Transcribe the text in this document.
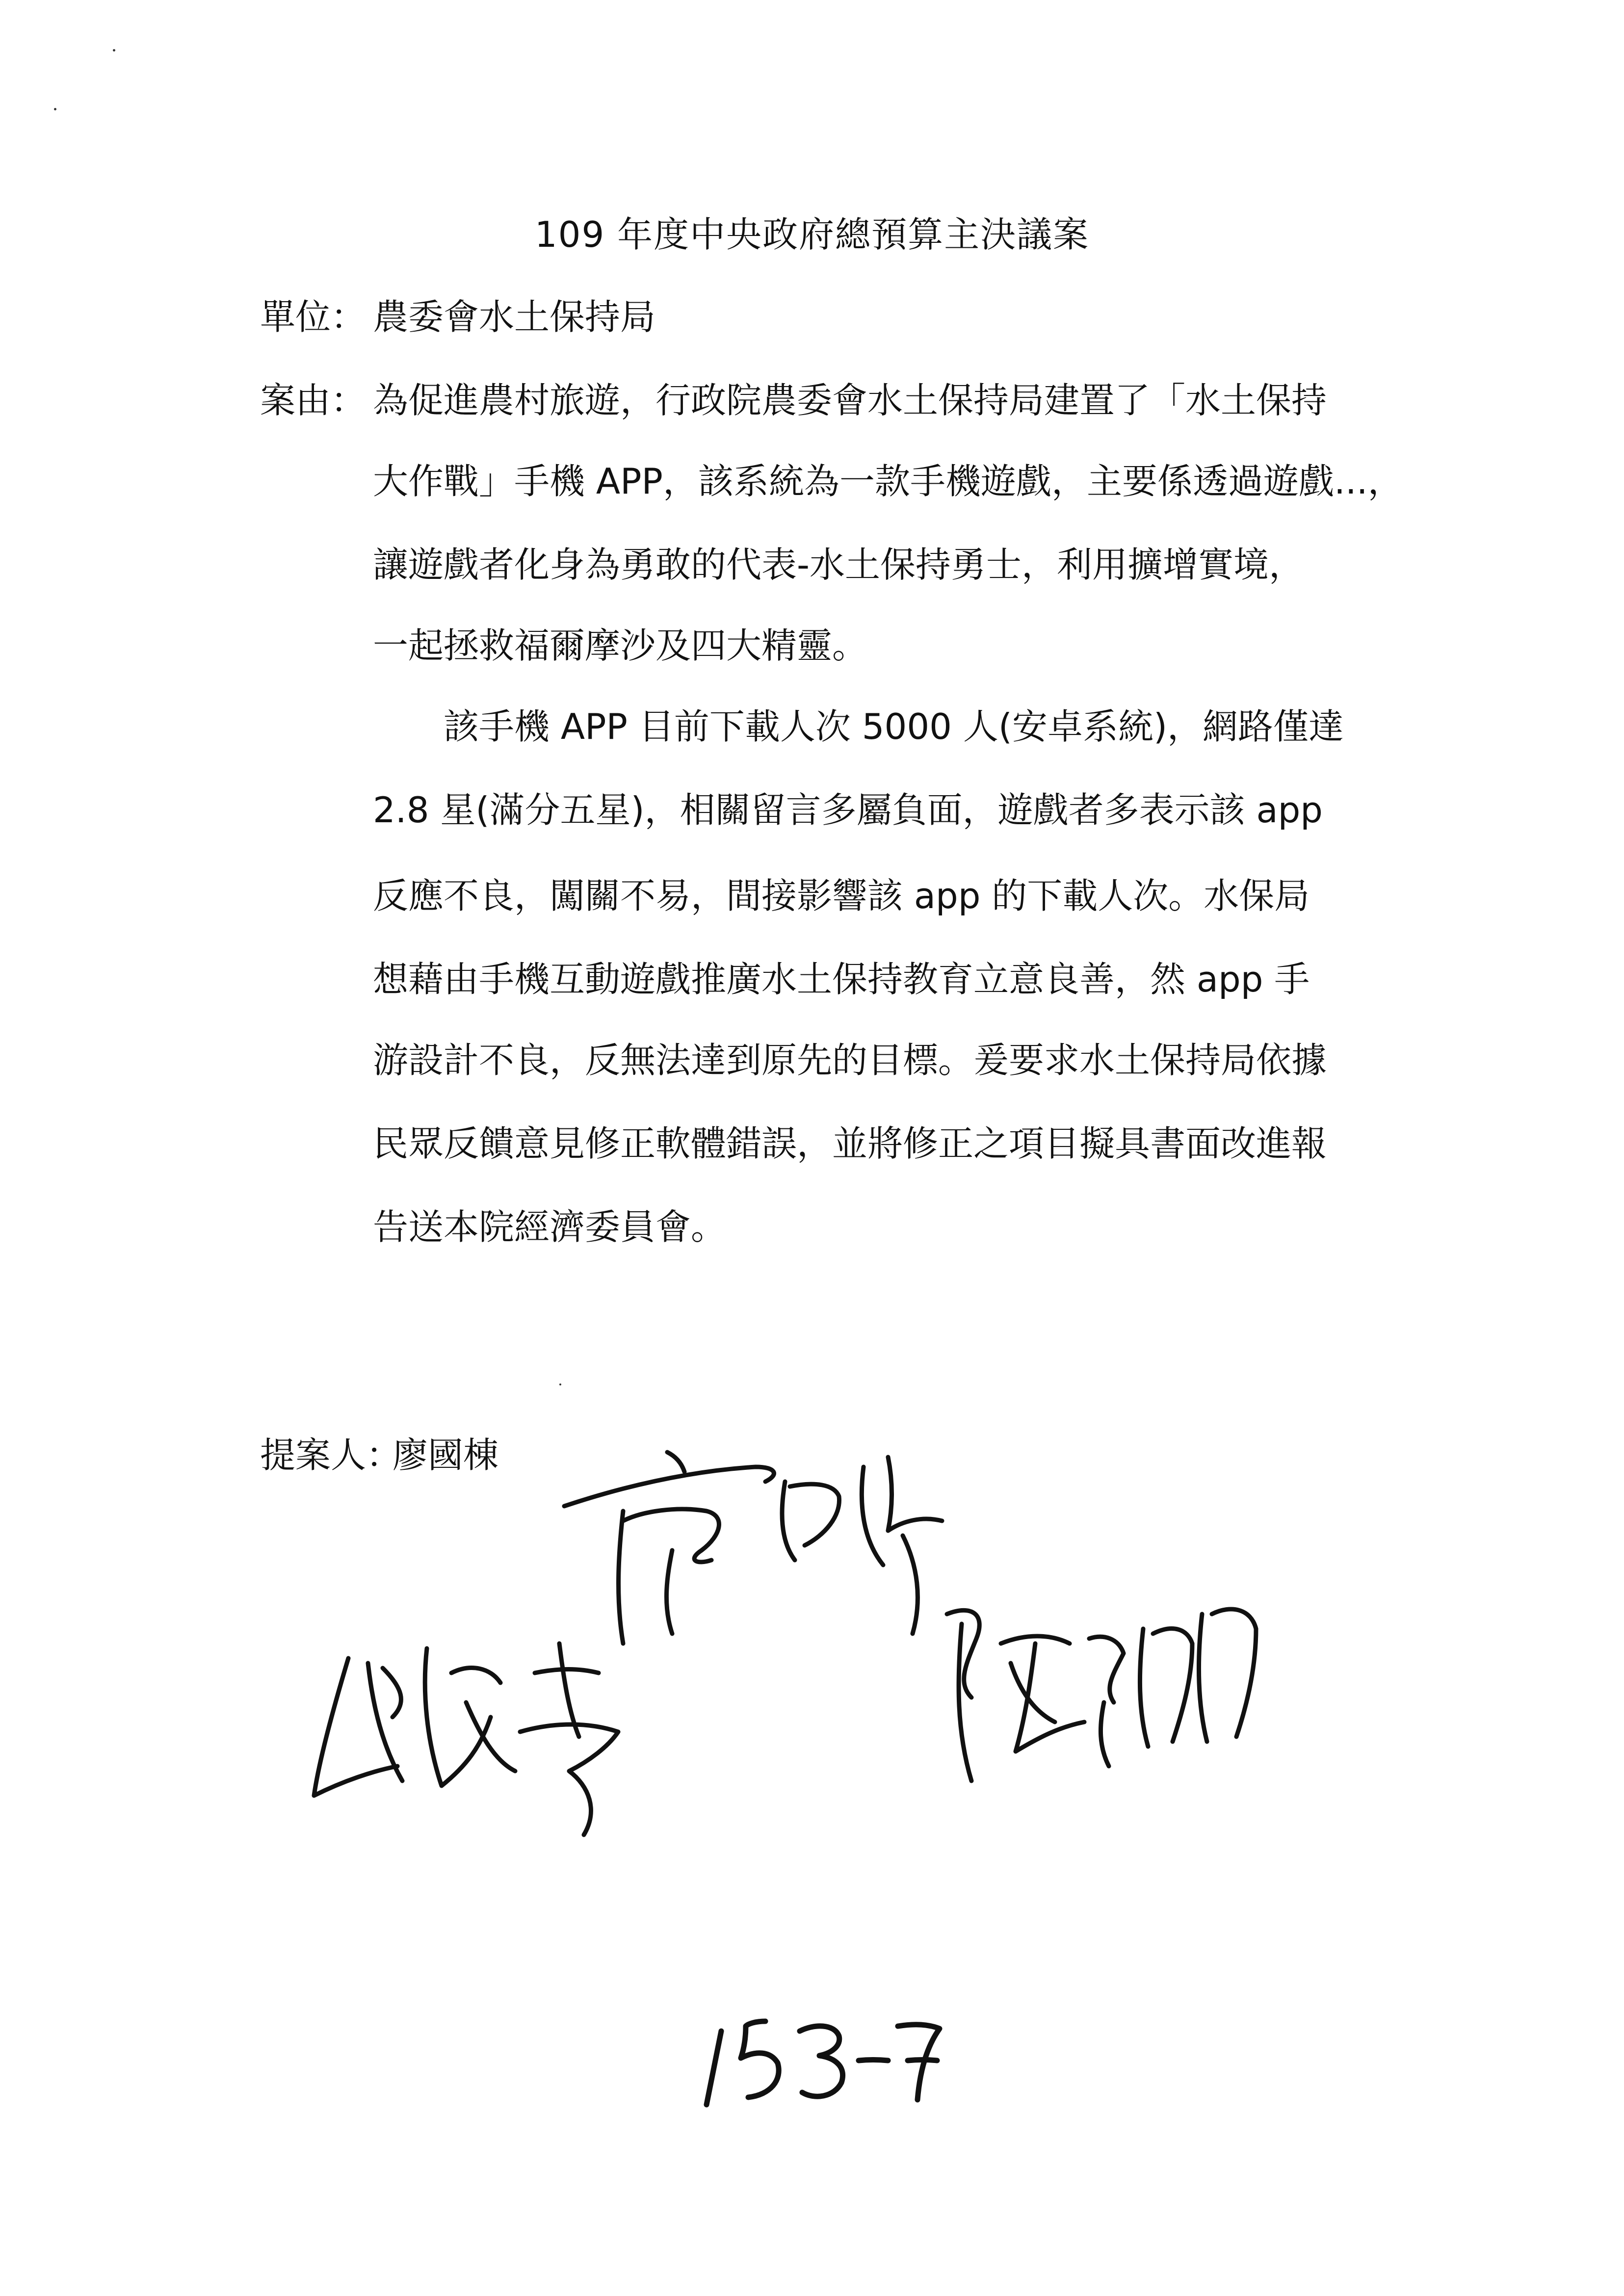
109 年度中央政府總預算主決議案
單位： 農委會水土保持局
案由： 為促進農村旅遊，行政院農委會水土保持局建置了「水土保持
大作戰」手機 APP，該系統為一款手機遊戲，主要係透過遊戲...，
讓遊戲者化身為勇敢的代表-水土保持勇士，利用擴增實境，
一起拯救福爾摩沙及四大精靈。
　　該手機 APP 目前下載人次 5000 人(安卓系統)，網路僅達
2.8 星(滿分五星)，相關留言多屬負面，遊戲者多表示該 app
反應不良，闖關不易，間接影響該 app 的下載人次。水保局
想藉由手機互動遊戲推廣水土保持教育立意良善，然 app 手
游設計不良，反無法達到原先的目標。爰要求水土保持局依據
民眾反饋意見修正軟體錯誤，並將修正之項目擬具書面改進報
告送本院經濟委員會。
提案人：
廖國棟
